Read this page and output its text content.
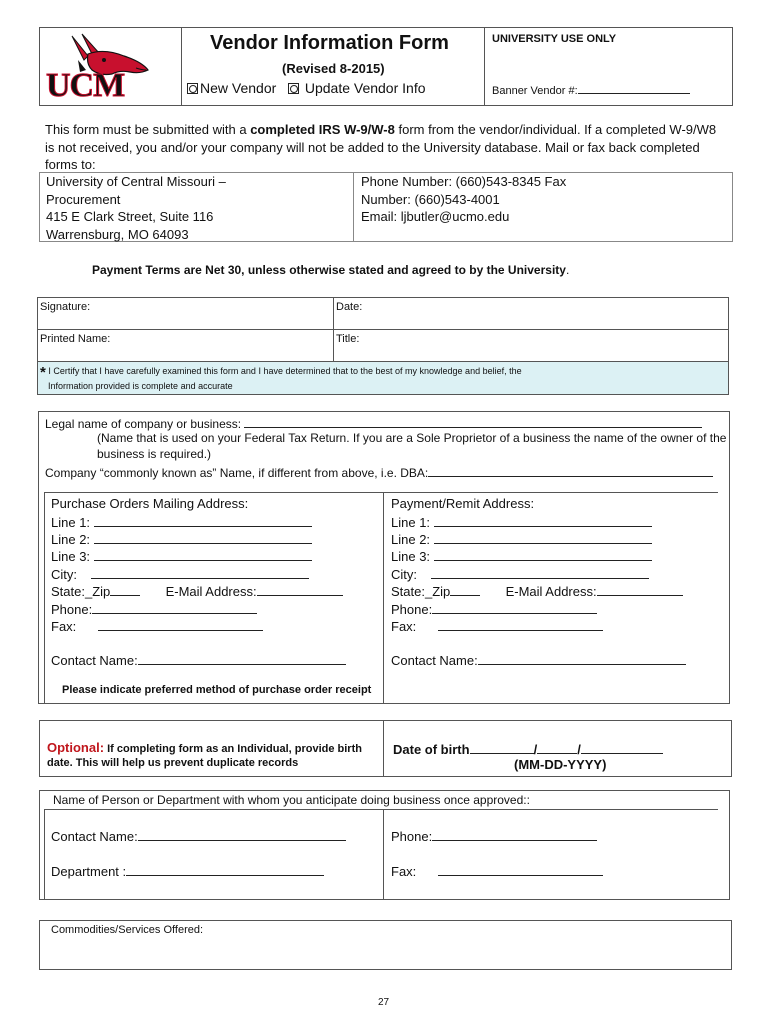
UCM
Vendor Information Form
(Revised 8-2015)
New Vendor Update Vendor Info
UNIVERSITY USE ONLY
Banner Vendor #:
This form must be submitted with a completed IRS W-9/W-8 form from the vendor/individual. If a completed W-9/W8
is not received, you and/or your company will not be added to the University database. Mail or fax back completed
forms to:
University of Central Missouri –
Procurement
415 E Clark Street, Suite 116
Warrensburg, MO 64093
Phone Number: (660)543-8345 Fax
Number: (660)543-4001
Email: ljbutler@ucmo.edu
Payment Terms are Net 30, unless otherwise stated and agreed to by the University.
Signature:	Date:
Printed Name:	Title:
* I Certify that I have carefully examined this form and I have determined that to the best of my knowledge and belief, the
Information provided is complete and accurate
Legal name of company or business:
(Name that is used on your Federal Tax Return. If you are a Sole Proprietor of a business the name of the owner of the
business is required.)
Company “commonly known as” Name, if different from above, i.e. DBA:
Purchase Orders Mailing Address:
Line 1:
Line 2:
Line 3:
City:
State:_Zip	E-Mail Address:
Phone:
Fax:
Contact Name:
Please indicate preferred method of purchase order receipt
Payment/Remit Address:
Line 1:
Line 2:
Line 3:
City:
State:_Zip	E-Mail Address:
Phone:
Fax:
Contact Name:
Optional: If completing form as an Individual, provide birth
date. This will help us prevent duplicate records
Date of birth	/	/
(MM-DD-YYYY)
Name of Person or Department with whom you anticipate doing business once approved::
Contact Name:	Phone:
Department :	Fax:
Commodities/Services Offered:
27
